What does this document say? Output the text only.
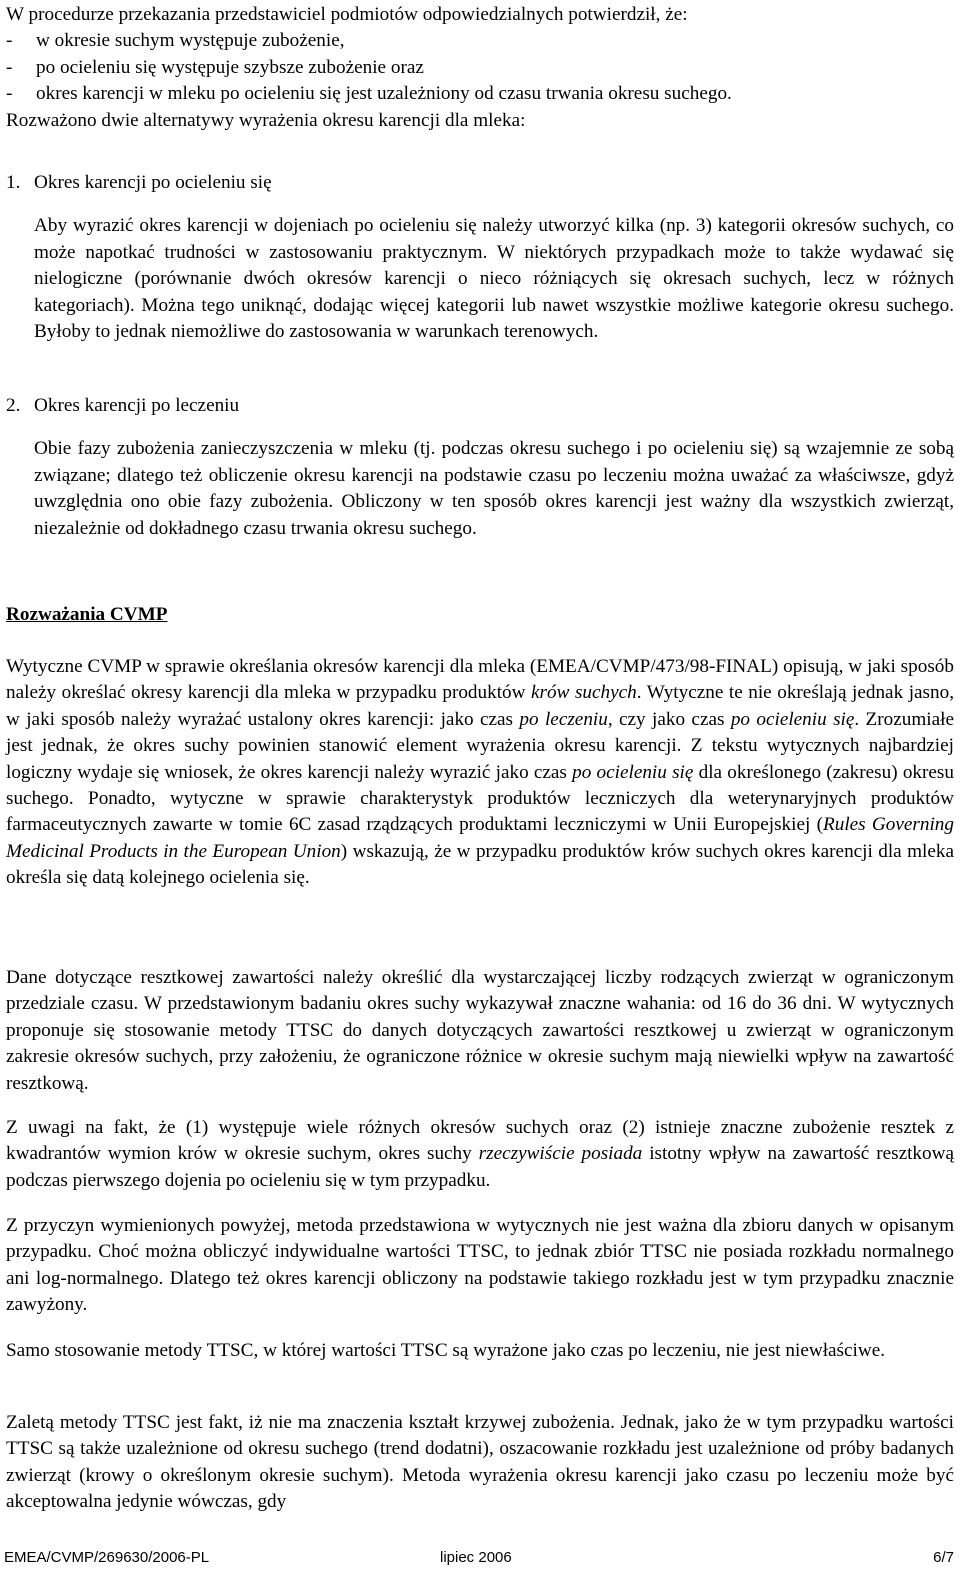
W procedurze przekazania przedstawiciel podmiotów odpowiedzialnych potwierdził, że:

-	w okresie suchym występuje zubożenie,
-	po ocieleniu się występuje szybsze zubożenie oraz
-	okres karencji w mleku po ocieleniu się jest uzależniony od czasu trwania okresu suchego.

Rozważono dwie alternatywy wyrażenia okresu karencji dla mleka:

1. Okres karencji po ocieleniu się

Aby wyrazić okres karencji w dojeniach po ocieleniu się należy utworzyć kilka (np. 3) kategorii okresów suchych, co może napotkać trudności w zastosowaniu praktycznym. W niektórych przypadkach może to także wydawać się nielogiczne (porównanie dwóch okresów karencji o nieco różniących się okresach suchych, lecz w różnych kategoriach). Można tego uniknąć, dodając więcej kategorii lub nawet wszystkie możliwe kategorie okresu suchego. Byłoby to jednak niemożliwe do zastosowania w warunkach terenowych.

2. Okres karencji po leczeniu

Obie fazy zubożenia zanieczyszczenia w mleku (tj. podczas okresu suchego i po ocieleniu się) są wzajemnie ze sobą związane; dlatego też obliczenie okresu karencji na podstawie czasu po leczeniu można uważać za właściwsze, gdyż uwzględnia ono obie fazy zubożenia. Obliczony w ten sposób okres karencji jest ważny dla wszystkich zwierząt, niezależnie od dokładnego czasu trwania okresu suchego.

Rozważania CVMP

Wytyczne CVMP w sprawie określania okresów karencji dla mleka (EMEA/CVMP/473/98-FINAL) opisują, w jaki sposób należy określać okresy karencji dla mleka w przypadku produktów krów suchych. Wytyczne te nie określają jednak jasno, w jaki sposób należy wyrażać ustalony okres karencji: jako czas po leczeniu, czy jako czas po ocieleniu się. Zrozumiałe jest jednak, że okres suchy powinien stanowić element wyrażenia okresu karencji. Z tekstu wytycznych najbardziej logiczny wydaje się wniosek, że okres karencji należy wyrazić jako czas po ocieleniu się dla określonego (zakresu) okresu suchego. Ponadto, wytyczne w sprawie charakterystyk produktów leczniczych dla weterynaryjnych produktów farmaceutycznych zawarte w tomie 6C zasad rządzących produktami leczniczymi w Unii Europejskiej (Rules Governing Medicinal Products in the European Union) wskazują, że w przypadku produktów krów suchych okres karencji dla mleka określa się datą kolejnego ocielenia się.

Dane dotyczące resztkowej zawartości należy określić dla wystarczającej liczby rodzących zwierząt w ograniczonym przedziale czasu. W przedstawionym badaniu okres suchy wykazywał znaczne wahania: od 16 do 36 dni. W wytycznych proponuje się stosowanie metody TTSC do danych dotyczących zawartości resztkowej u zwierząt w ograniczonym zakresie okresów suchych, przy założeniu, że ograniczone różnice w okresie suchym mają niewielki wpływ na zawartość resztkową.

Z uwagi na fakt, że (1) występuje wiele różnych okresów suchych oraz (2) istnieje znaczne zubożenie resztek z kwadrantów wymion krów w okresie suchym, okres suchy rzeczywiście posiada istotny wpływ na zawartość resztkową podczas pierwszego dojenia po ocieleniu się w tym przypadku.

Z przyczyn wymienionych powyżej, metoda przedstawiona w wytycznych nie jest ważna dla zbioru danych w opisanym przypadku. Choć można obliczyć indywidualne wartości TTSC, to jednak zbiór TTSC nie posiada rozkładu normalnego ani log-normalnego. Dlatego też okres karencji obliczony na podstawie takiego rozkładu jest w tym przypadku znacznie zawyżony.

Samo stosowanie metody TTSC, w której wartości TTSC są wyrażone jako czas po leczeniu, nie jest niewłaściwe.

Zaletą metody TTSC jest fakt, iż nie ma znaczenia kształt krzywej zubożenia. Jednak, jako że w tym przypadku wartości TTSC są także uzależnione od okresu suchego (trend dodatni), oszacowanie rozkładu jest uzależnione od próby badanych zwierząt (krowy o określonym okresie suchym). Metoda wyrażenia okresu karencji jako czasu po leczeniu może być akceptowalna jedynie wówczas, gdy

EMEA/CVMP/269630/2006-PL	lipiec 2006	6/7
